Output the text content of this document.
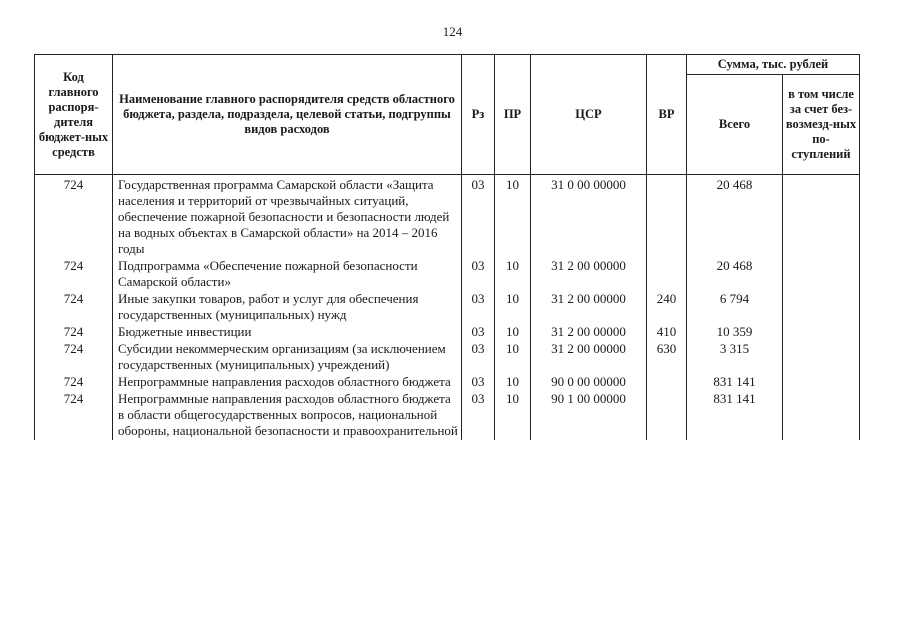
124
Код главного распоря-дителя бюджет-ных средств	Наименование главного распорядителя средств областного бюджета, раздела, подраздела, целевой статьи, подгруппы видов расходов	Рз	ПР	ЦСР	ВР	Сумма, тыс. рублей	
						Всего	в том числе за счет без-возмезд-ных по-ступлений
724	Государственная программа Самарской области «Защита населения и территорий от чрезвычайных ситуаций, обеспечение пожарной безопасности и безопасности людей на водных объектах в Самарской области» на 2014 – 2016 годы	03	10	31 0 00 00000		20 468	
724	Подпрограмма «Обеспечение пожарной безопасности Самарской области»	03	10	31 2 00 00000		20 468	
724	Иные закупки товаров, работ и услуг для обеспечения государственных (муниципальных) нужд	03	10	31 2 00 00000	240	6 794	
724	Бюджетные инвестиции	03	10	31 2 00 00000	410	10 359	
724	Субсидии некоммерческим организациям (за исключением государственных (муниципальных) учреждений)	03	10	31 2 00 00000	630	3 315	
724	Непрограммные направления расходов областного бюджета	03	10	90 0 00 00000		831 141	
724	Непрограммные направления расходов областного бюджета в области общегосударственных вопросов, национальной обороны, национальной безопасности и правоохранительной	03	10	90 1 00 00000		831 141	
